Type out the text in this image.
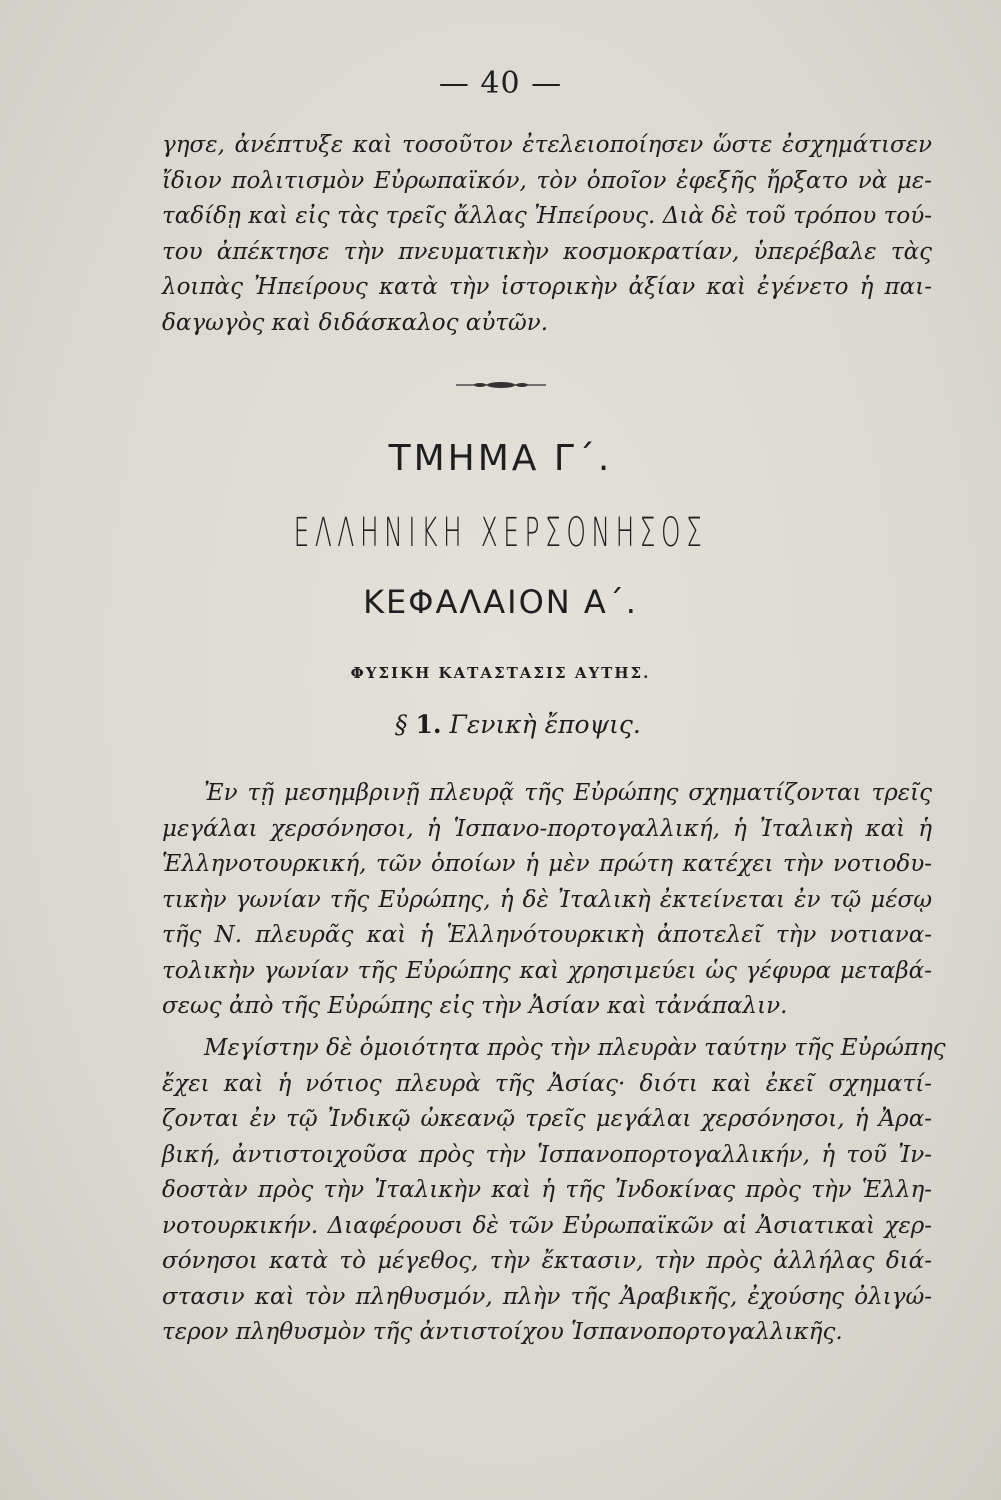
— 40 —
γησε, ἀνέπτυξε καὶ τοσοῦτον ἐτελειοποίησεν ὥστε ἐσχημάτισεν
ἴδιον πολιτισμὸν Εὐρωπαϊκόν, τὸν ὁποῖον ἐφεξῆς ἤρξατο νὰ με-
ταδίδῃ καὶ εἰς τὰς τρεῖς ἄλλας Ἠπείρους. Διὰ δὲ τοῦ τρόπου τού-
του ἀπέκτησε τὴν πνευματικὴν κοσμοκρατίαν, ὑπερέβαλε τὰς
λοιπὰς Ἠπείρους κατὰ τὴν ἱστορικὴν ἀξίαν καὶ ἐγένετο ἡ παι-
δαγωγὸς καὶ διδάσκαλος αὐτῶν.
ΤΜΗΜΑ Γ΄.
ΕΛΛΗΝΙΚΗ ΧΕΡΣΟΝΗΣΟΣ
ΚΕΦΑΛΑΙΟΝ Α΄.
ΦΥΣΙΚΗ ΚΑΤΑΣΤΑΣΙΣ ΑΥΤΗΣ.
§ 1. Γενικὴ ἔποψις.
Ἐν τῇ μεσημβρινῇ πλευρᾷ τῆς Εὐρώπης σχηματίζονται τρεῖς
μεγάλαι χερσόνησοι, ἡ Ἱσπανο-πορτογαλλική, ἡ Ἰταλικὴ καὶ ἡ
Ἑλληνοτουρκική, τῶν ὁποίων ἡ μὲν πρώτη κατέχει τὴν νοτιοδυ-
τικὴν γωνίαν τῆς Εὐρώπης, ἡ δὲ Ἰταλικὴ ἐκτείνεται ἐν τῷ μέσῳ
τῆς Ν. πλευρᾶς καὶ ἡ Ἑλληνότουρκικὴ ἀποτελεῖ τὴν νοτιανα-
τολικὴν γωνίαν τῆς Εὐρώπης καὶ χρησιμεύει ὡς γέφυρα μεταβά-
σεως ἀπὸ τῆς Εὐρώπης εἰς τὴν Ἀσίαν καὶ τἀνάπαλιν.
Μεγίστην δὲ ὁμοιότητα πρὸς τὴν πλευρὰν ταύτην τῆς Εὐρώπης
ἔχει καὶ ἡ νότιος πλευρὰ τῆς Ἀσίας· διότι καὶ ἐκεῖ σχηματί-
ζονται ἐν τῷ Ἰνδικῷ ὠκεανῷ τρεῖς μεγάλαι χερσόνησοι, ἡ Ἀρα-
βική, ἀντιστοιχοῦσα πρὸς τὴν Ἱσπανοπορτογαλλικήν, ἡ τοῦ Ἰν-
δοστὰν πρὸς τὴν Ἰταλικὴν καὶ ἡ τῆς Ἰνδοκίνας πρὸς τὴν Ἑλλη-
νοτουρκικήν. Διαφέρουσι δὲ τῶν Εὐρωπαϊκῶν αἱ Ἀσιατικαὶ χερ-
σόνησοι κατὰ τὸ μέγεθος, τὴν ἔκτασιν, τὴν πρὸς ἀλλήλας διά-
στασιν καὶ τὸν πληθυσμόν, πλὴν τῆς Ἀραβικῆς, ἐχούσης ὀλιγώ-
τερον πληθυσμὸν τῆς ἀντιστοίχου Ἱσπανοπορτογαλλικῆς.
